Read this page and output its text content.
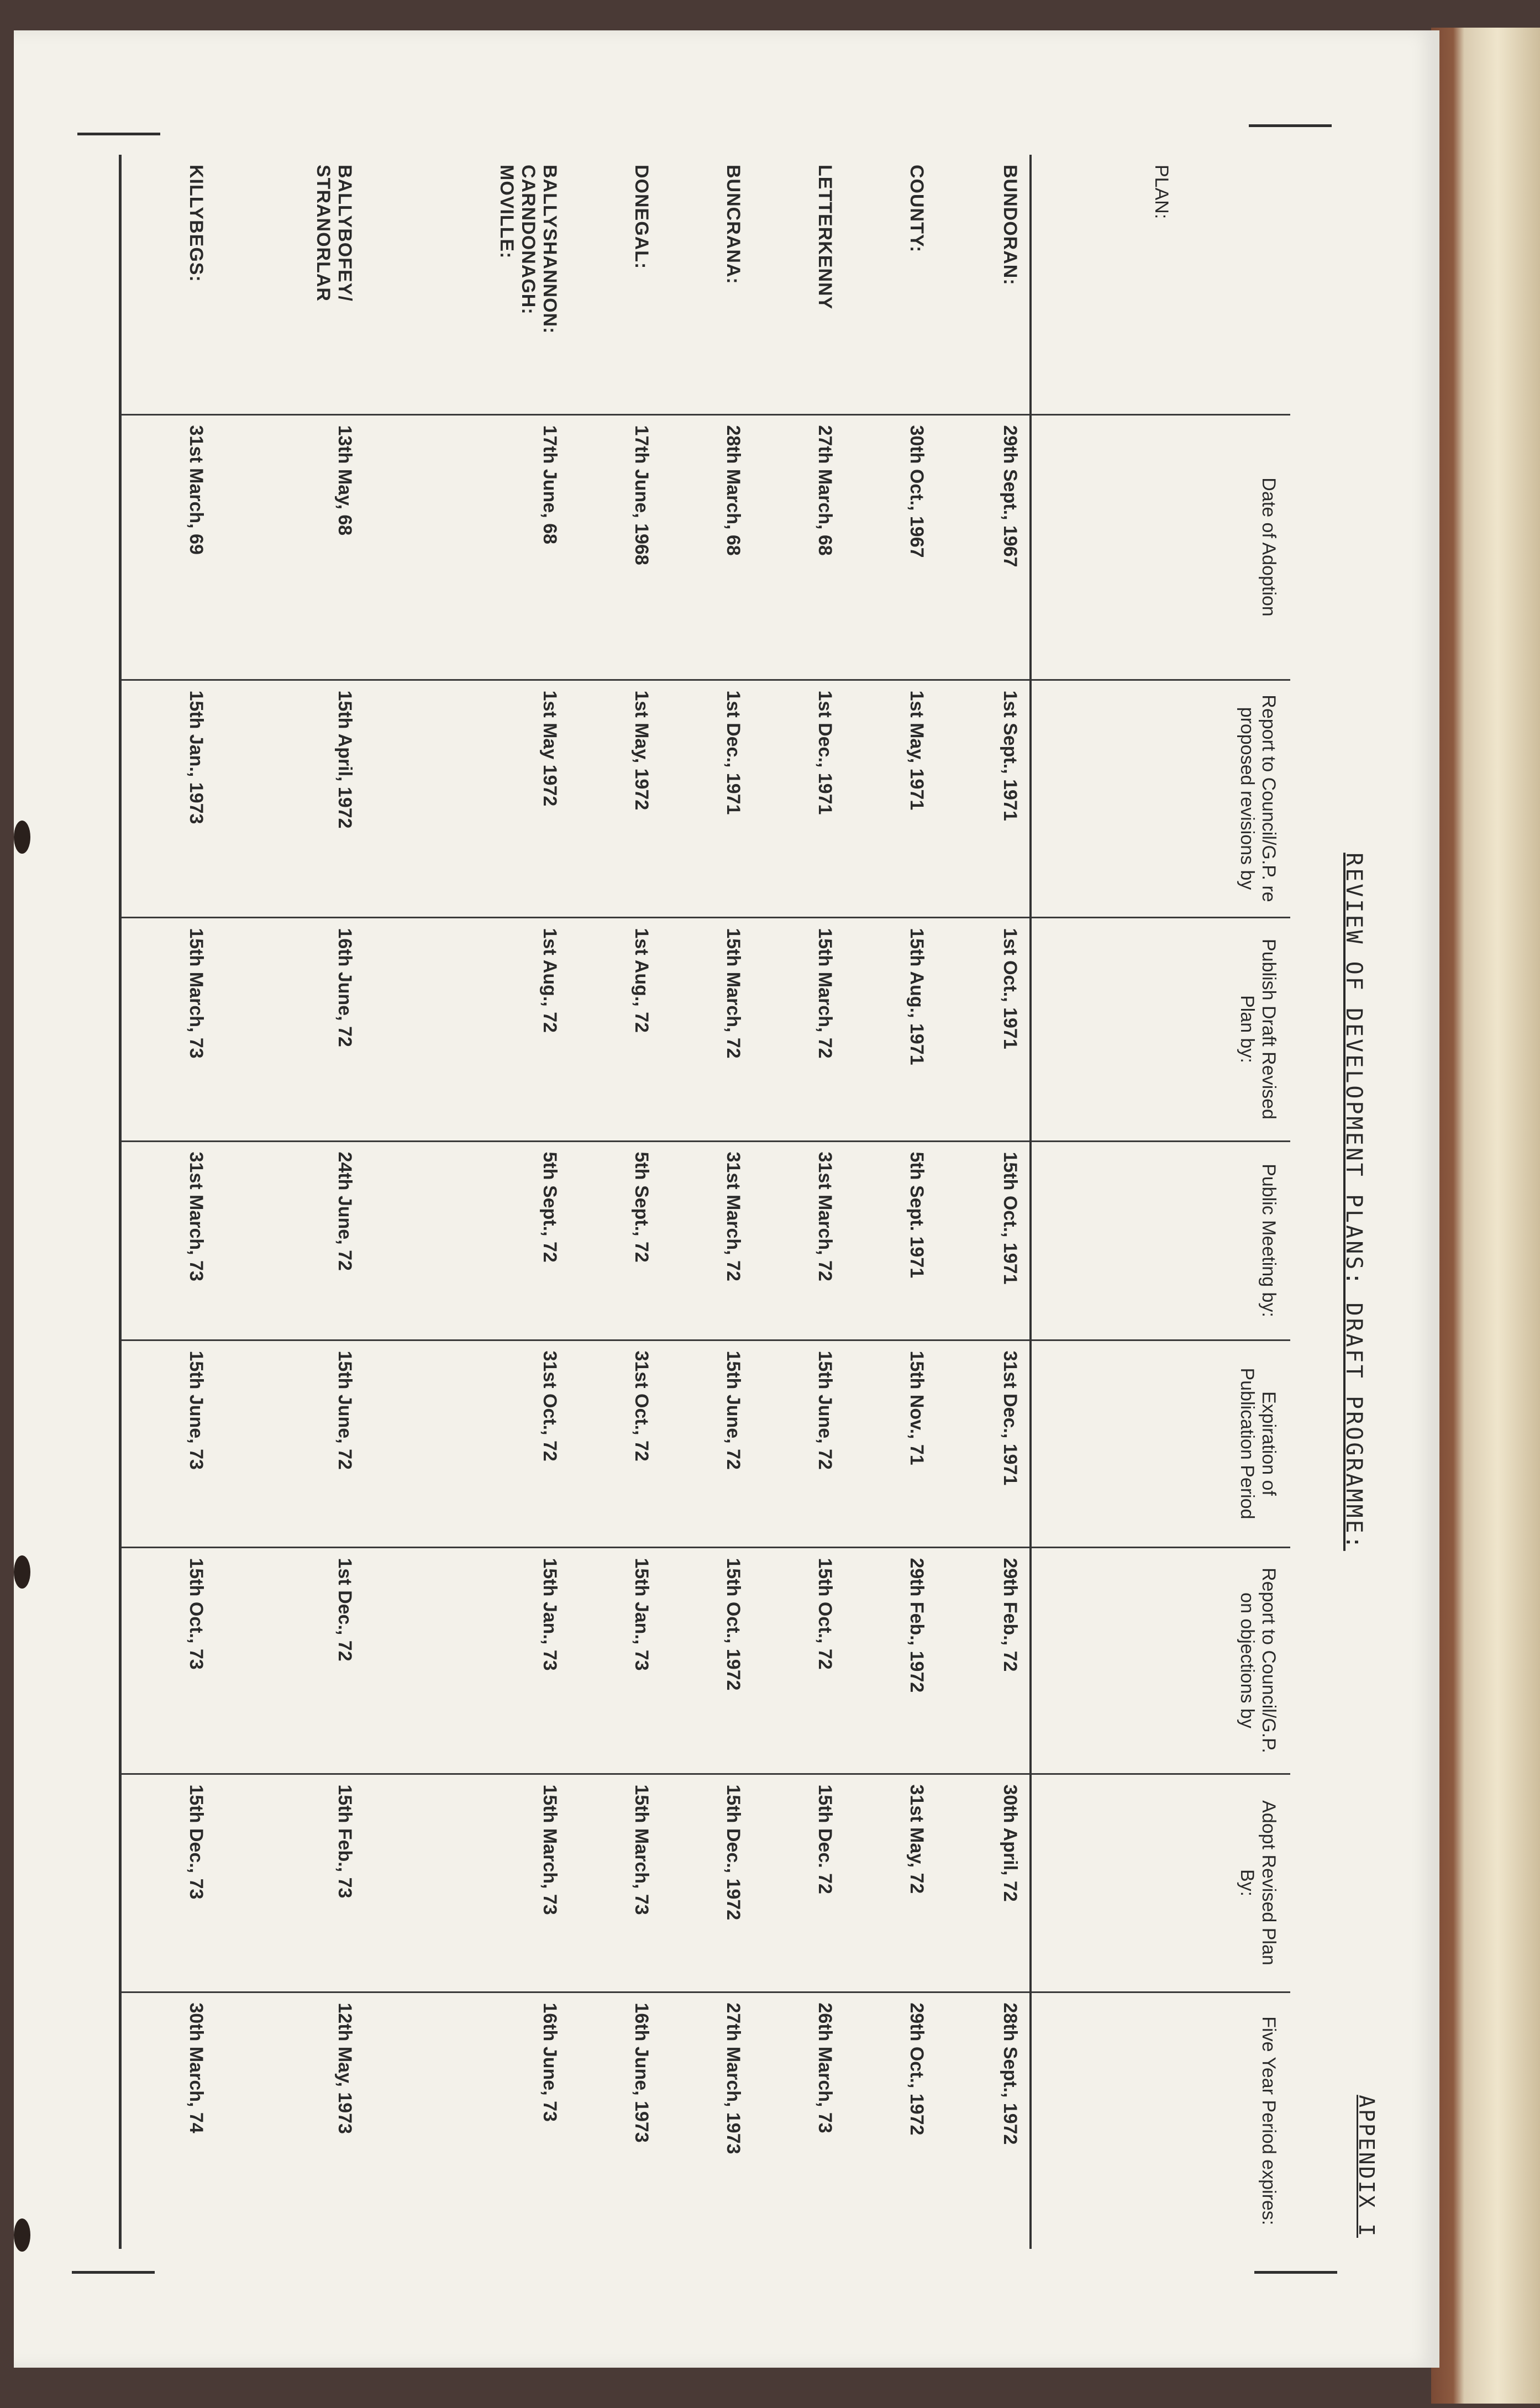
APPENDIX I
REVIEW OF DEVELOPMENT PLANS: DRAFT PROGRAMME:
PLAN:	Date of Adoption	Report to Council/G.P. re proposed revisions by	Publish Draft Revised Plan by:	Public Meeting by:	Expiration of Publication Period	Report to Council/G.P. on objections by	Adopt Revised Plan By:	Five Year Period expires:
BUNDORAN:	29th Sept., 1967	1st Sept., 1971	1st Oct., 1971	15th Oct., 1971	31st Dec., 1971	29th Feb., 72	30th April, 72	28th Sept., 1972
COUNTY:	30th Oct., 1967	1st May, 1971	15th Aug., 1971	5th Sept. 1971	15th Nov., 71	29th Feb., 1972	31st May, 72	29th Oct., 1972
LETTERKENNY	27th March, 68	1st Dec., 1971	15th March, 72	31st March, 72	15th June, 72	15th Oct., 72	15th Dec. 72	26th March, 73
BUNCRANA:	28th March, 68	1st Dec., 1971	15th March, 72	31st March, 72	15th June, 72	15th Oct., 1972	15th Dec., 1972	27th March, 1973
DONEGAL:	17th June, 1968	1st May, 1972	1st Aug., 72	5th Sept., 72	31st Oct., 72	15th Jan., 73	15th March, 73	16th June, 1973
BALLYSHANNON: CARNDONAGH: MOVILLE:	17th June, 68	1st May 1972	1st Aug., 72	5th Sept., 72	31st Oct., 72	15th Jan., 73	15th March, 73	16th June, 73
BALLYBOFEY/ STRANORLAR	13th May, 68	15th April, 1972	16th June, 72	24th June, 72	15th June, 72	1st Dec., 72	15th Feb., 73	12th May, 1973
KILLYBEGS:	31st March, 69	15th Jan., 1973	15th March, 73	31st March, 73	15th June, 73	15th Oct., 73	15th Dec., 73	30th March, 74
